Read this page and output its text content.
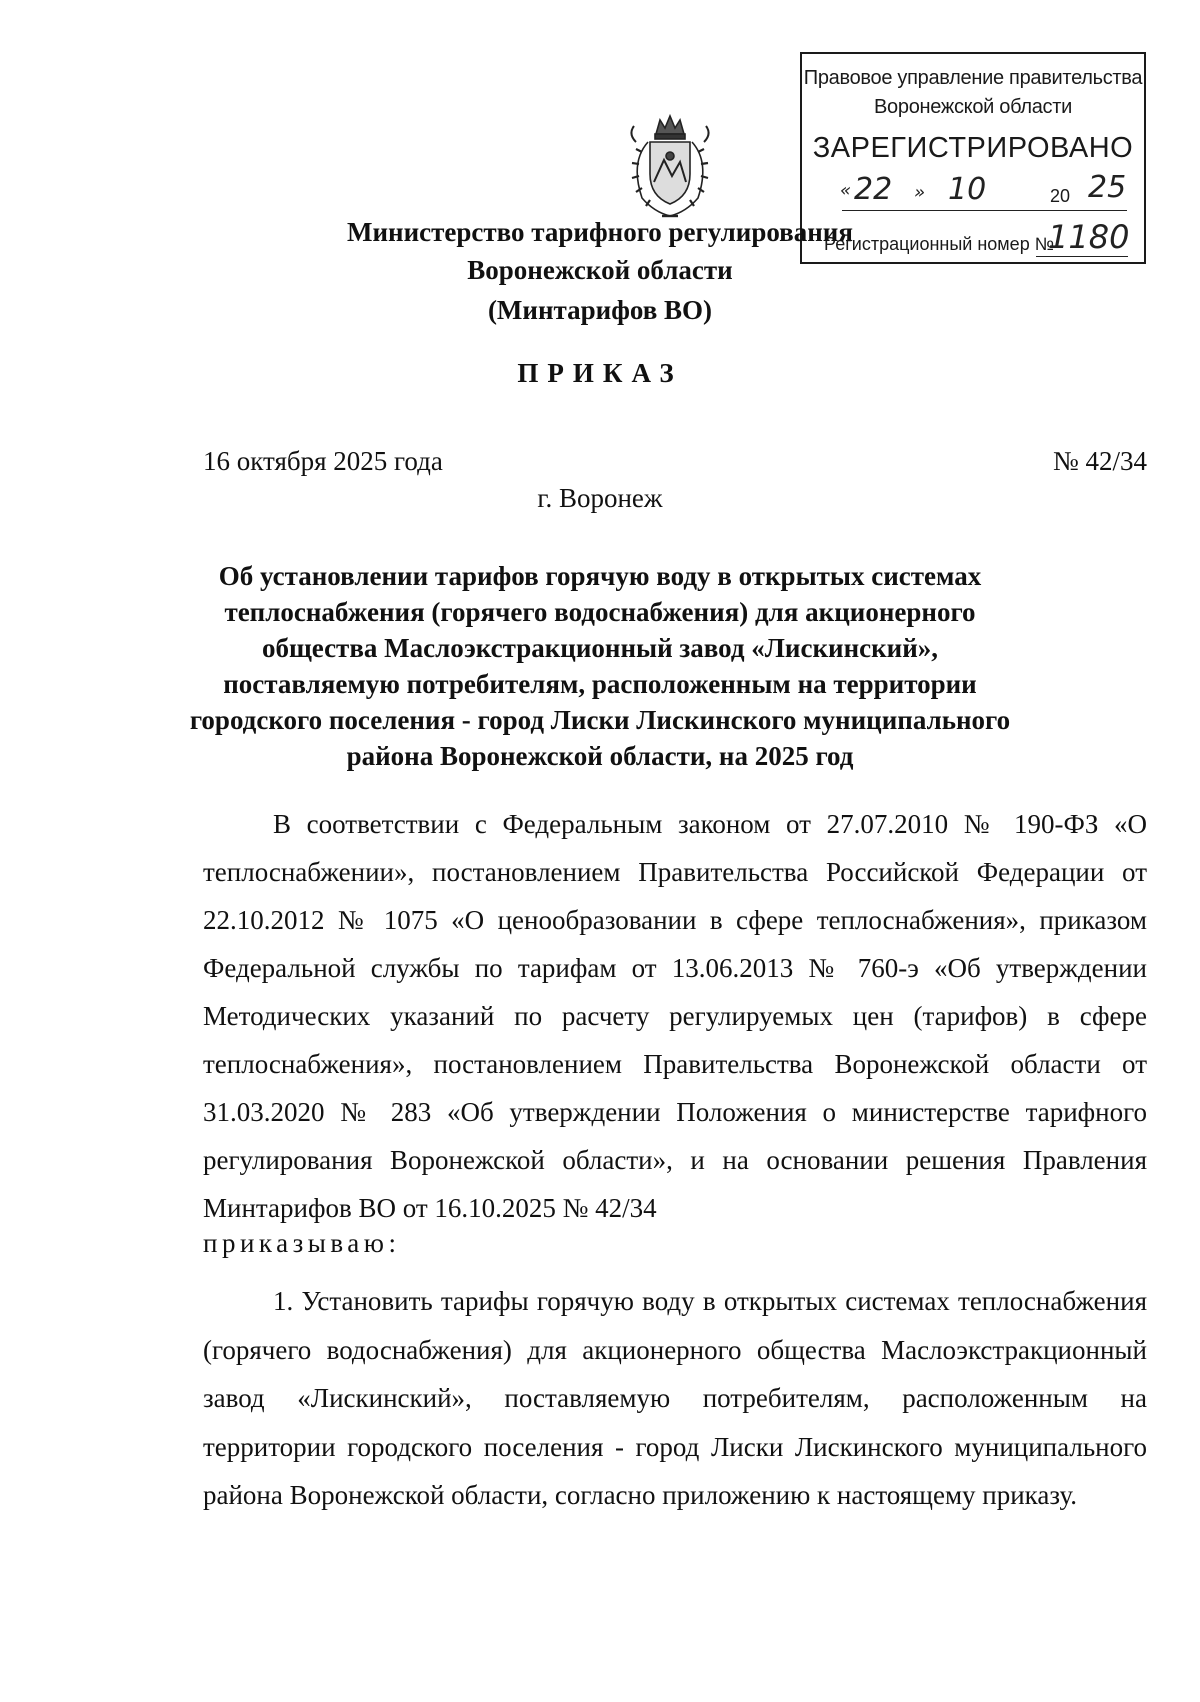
Правовое управление правительства
Воронежской области
ЗАРЕГИСТРИРОВАНО
« 22 » 10	20 25
Регистрационный номер №
1180
Министерство тарифного регулирования
Воронежской области
(Минтарифов ВО)
ПРИКАЗ
16 октября 2025 года	№ 42/34
г. Воронеж
Об установлении тарифов горячую воду в открытых системах теплоснабжения (горячего водоснабжения) для акционерного общества Маслоэкстракционный завод «Лискинский», поставляемую потребителям, расположенным на территории городского поселения - город Лиски Лискинского муниципального района Воронежской области, на 2025 год
В соответствии с Федеральным законом от 27.07.2010 № 190-ФЗ «О теплоснабжении», постановлением Правительства Российской Федерации от 22.10.2012 № 1075 «О ценообразовании в сфере теплоснабжения», приказом Федеральной службы по тарифам от 13.06.2013 № 760-э «Об утверждении Методических указаний по расчету регулируемых цен (тарифов) в сфере теплоснабжения», постановлением Правительства Воронежской области от 31.03.2020 № 283 «Об утверждении Положения о министерстве тарифного регулирования Воронежской области», и на основании решения Правления Минтарифов ВО от 16.10.2025 № 42/34
приказываю:
1. Установить тарифы горячую воду в открытых системах теплоснабжения (горячего водоснабжения) для акционерного общества Маслоэкстракционный завод «Лискинский», поставляемую потребителям, расположенным на территории городского поселения - город Лиски Лискинского муниципального района Воронежской области, согласно приложению к настоящему приказу.
